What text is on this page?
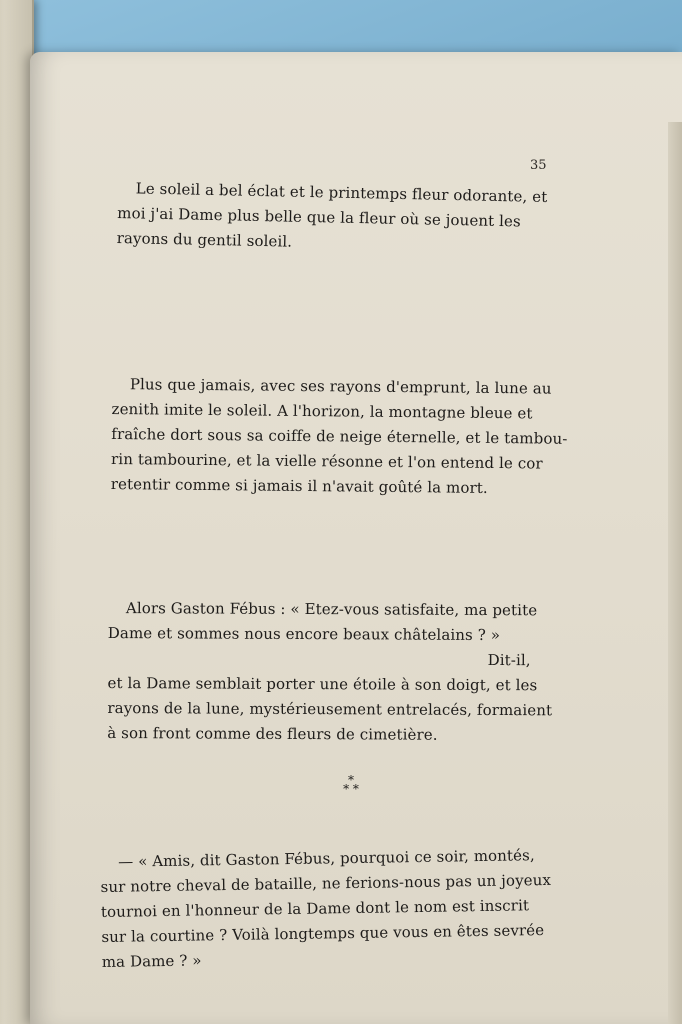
35
Le soleil a bel éclat et le printemps fleur odorante, et
moi j'ai Dame plus belle que la fleur où se jouent les
rayons du gentil soleil.
Plus que jamais, avec ses rayons d'emprunt, la lune au
zenith imite le soleil. A l'horizon, la montagne bleue et
fraîche dort sous sa coiffe de neige éternelle, et le tambou-
rin tambourine, et la vielle résonne et l'on entend le cor
retentir comme si jamais il n'avait goûté la mort.
Alors Gaston Fébus : « Etez-vous satisfaite, ma petite
Dame et sommes nous encore beaux châtelains ? »
Dit-il,
et la Dame semblait porter une étoile à son doigt, et les
rayons de la lune, mystérieusement entrelacés, formaient
à son front comme des fleurs de cimetière.
*
* *
— « Amis, dit Gaston Fébus, pourquoi ce soir, montés,
sur notre cheval de bataille, ne ferions-nous pas un joyeux
tournoi en l'honneur de la Dame dont le nom est inscrit
sur la courtine ? Voilà longtemps que vous en êtes sevrée
ma Dame ? »
